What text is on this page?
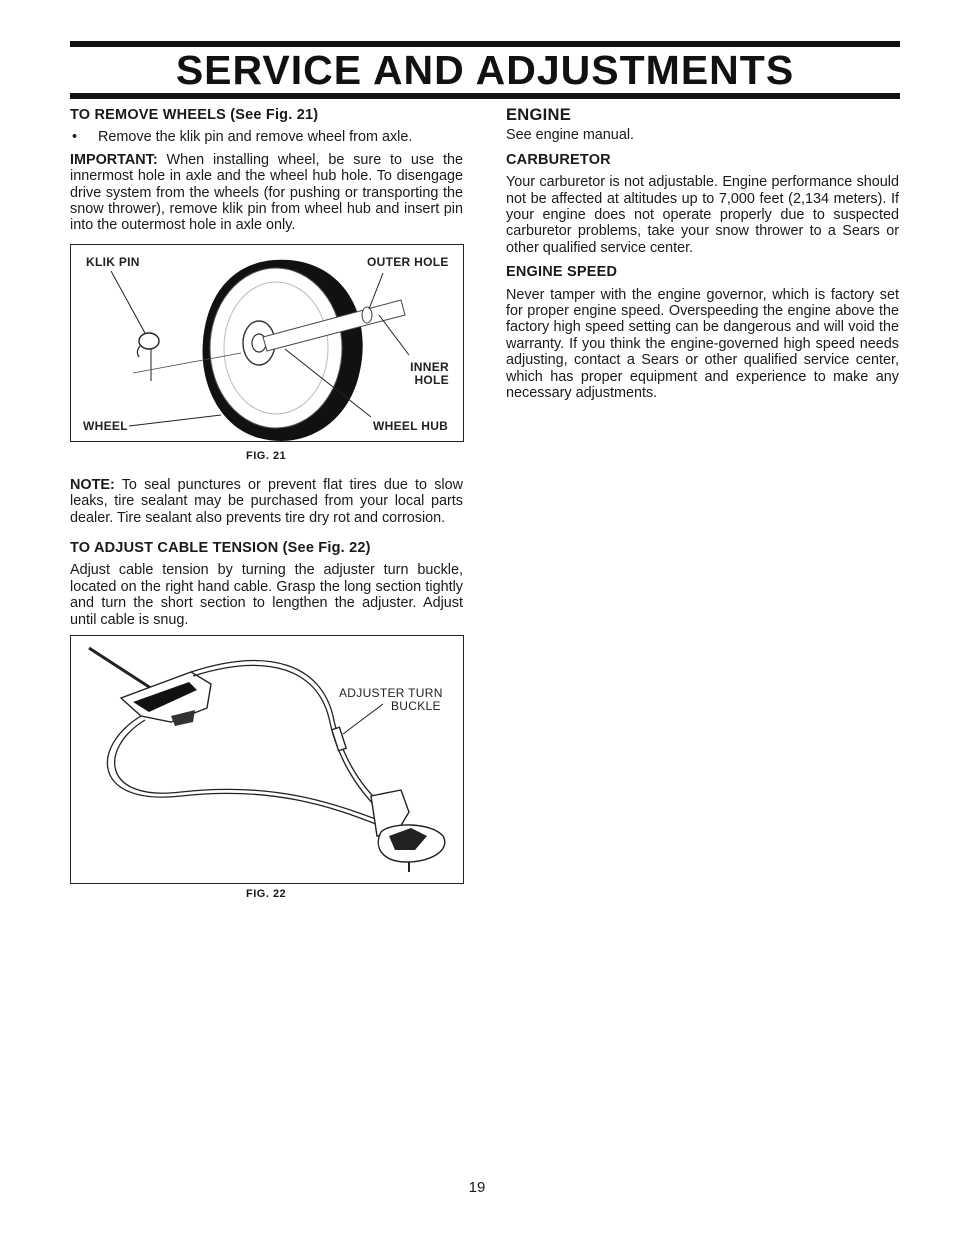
SERVICE AND ADJUSTMENTS
TO REMOVE WHEELS (See Fig. 21)
•	Remove the klik pin and remove wheel from axle.

IMPORTANT: When installing wheel, be sure to use the innermost hole in axle and the wheel hub hole. To disengage drive system from the wheels (for pushing or transporting the snow thrower), remove klik pin from wheel hub and insert pin into the outermost hole in axle only.

KLIK PIN	OUTER HOLE
INNER
HOLE
WHEEL	WHEEL HUB
FIG. 21

NOTE: To seal punctures or prevent flat tires due to slow leaks, tire sealant may be purchased from your local parts dealer. Tire sealant also prevents tire dry rot and corrosion.

TO ADJUST CABLE TENSION (See Fig. 22)

Adjust cable tension by turning the adjuster turn buckle, located on the right hand cable. Grasp the long section tightly and turn the short section to lengthen the adjuster. Adjust until cable is snug.

ADJUSTER TURN
BUCKLE
FIG. 22
ENGINE

See engine manual.

CARBURETOR

Your carburetor is not adjustable. Engine performance should not be affected at altitudes up to 7,000 feet (2,134 meters). If your engine does not operate properly due to suspected carburetor problems, take your snow thrower to a Sears or other qualified service center.

ENGINE SPEED

Never tamper with the engine governor, which is factory set for proper engine speed. Overspeeding the engine above the factory high speed setting can be dangerous and will void the warranty. If you think the engine-governed high speed needs adjusting, contact a Sears or other qualified service center, which has proper equipment and experience to make any necessary adjustments.

19
